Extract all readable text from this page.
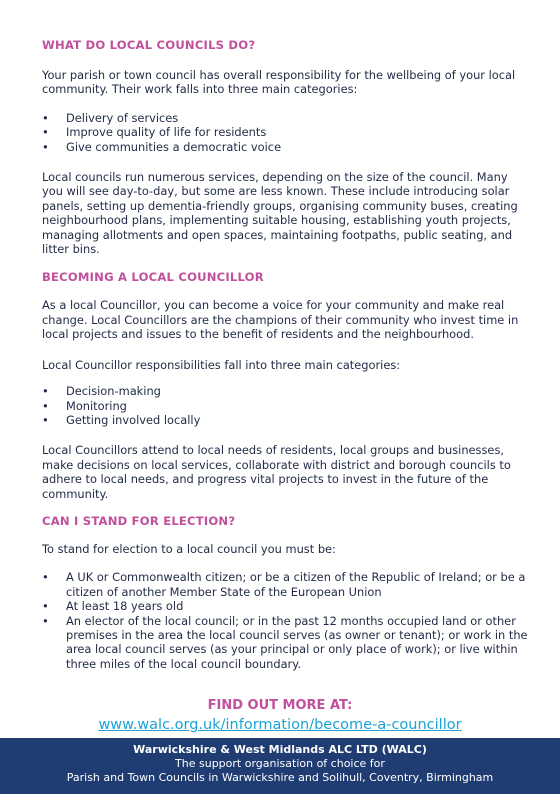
WHAT DO LOCAL COUNCILS DO?

Your parish or town council has overall responsibility for the wellbeing of your local community. Their work falls into three main categories:

• Delivery of services
• Improve quality of life for residents
• Give communities a democratic voice

Local councils run numerous services, depending on the size of the council. Many you will see day-to-day, but some are less known. These include introducing solar panels, setting up dementia-friendly groups, organising community buses, creating neighbourhood plans, implementing suitable housing, establishing youth projects, managing allotments and open spaces, maintaining footpaths, public seating, and litter bins.

BECOMING A LOCAL COUNCILLOR

As a local Councillor, you can become a voice for your community and make real change. Local Councillors are the champions of their community who invest time in local projects and issues to the benefit of residents and the neighbourhood.

Local Councillor responsibilities fall into three main categories:

• Decision-making
• Monitoring
• Getting involved locally

Local Councillors attend to local needs of residents, local groups and businesses, make decisions on local services, collaborate with district and borough councils to adhere to local needs, and progress vital projects to invest in the future of the community.

CAN I STAND FOR ELECTION?

To stand for election to a local council you must be:

• A UK or Commonwealth citizen; or be a citizen of the Republic of Ireland; or be a citizen of another Member State of the European Union
• At least 18 years old
• An elector of the local council; or in the past 12 months occupied land or other premises in the area the local council serves (as owner or tenant); or work in the area local council serves (as your principal or only place of work); or live within three miles of the local council boundary.
FIND OUT MORE AT:
www.walc.org.uk/information/become-a-councillor
Warwickshire & West Midlands ALC LTD (WALC)
The support organisation of choice for
Parish and Town Councils in Warwickshire and Solihull, Coventry, Birmingham
